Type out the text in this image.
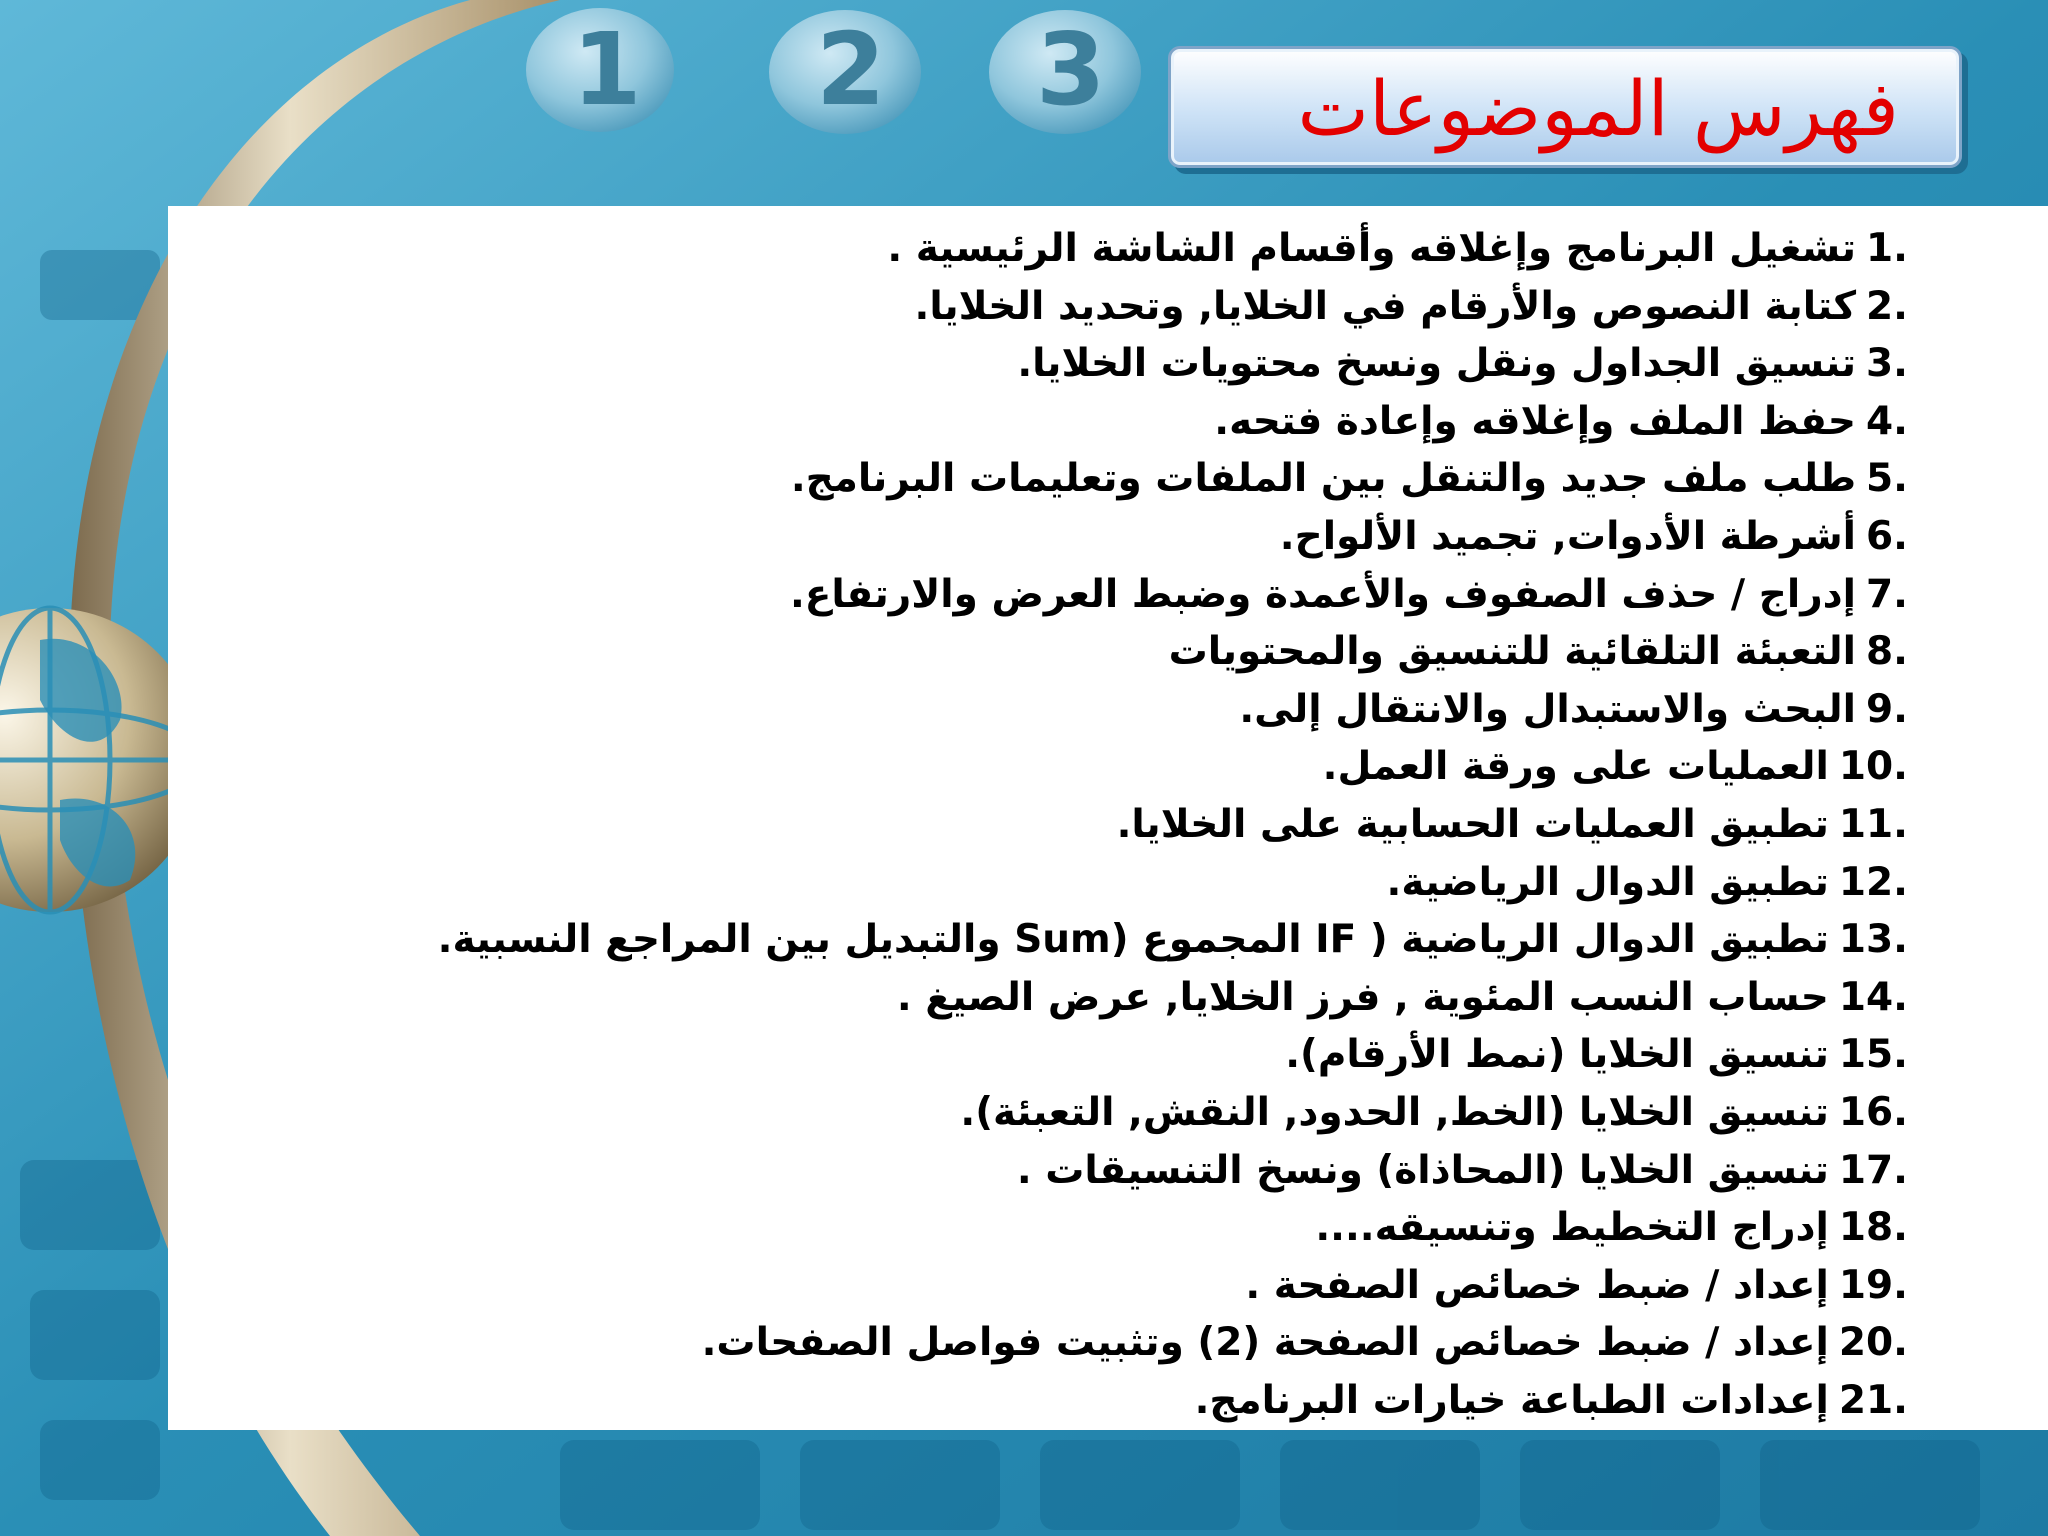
1 2 3	فهرس الموضوعات
1.تشغيل البرنامج وإغلاقه وأقسام الشاشة الرئيسية .
2.كتابة النصوص والأرقام في الخلايا, وتحديد الخلايا.
3.تنسيق الجداول ونقل ونسخ محتويات الخلايا.
4.حفظ الملف وإغلاقه وإعادة فتحه.
5.طلب ملف جديد والتنقل بين الملفات وتعليمات البرنامج.
6.أشرطة الأدوات, تجميد الألواح.
7.إدراج / حذف الصفوف والأعمدة وضبط العرض والارتفاع.
8.التعبئة التلقائية للتنسيق والمحتويات
9.البحث والاستبدال والانتقال إلى.
10.العمليات على ورقة العمل.
11.تطبيق العمليات الحسابية على الخلايا.
12.تطبيق الدوال الرياضية.
13.تطبيق الدوال الرياضية ( IF المجموع (Sum والتبديل بين المراجع النسبية.
14.حساب النسب المئوية , فرز الخلايا, عرض الصيغ .
15.تنسيق الخلايا (نمط الأرقام).
16.تنسيق الخلايا (الخط, الحدود, النقش, التعبئة).
17.تنسيق الخلايا (المحاذاة) ونسخ التنسيقات .
18.إدراج التخطيط وتنسيقه....
19.إعداد / ضبط خصائص الصفحة .
20.إعداد / ضبط خصائص الصفحة (2) وتثبيت فواصل الصفحات.
21.إعدادات الطباعة خيارات البرنامج.
